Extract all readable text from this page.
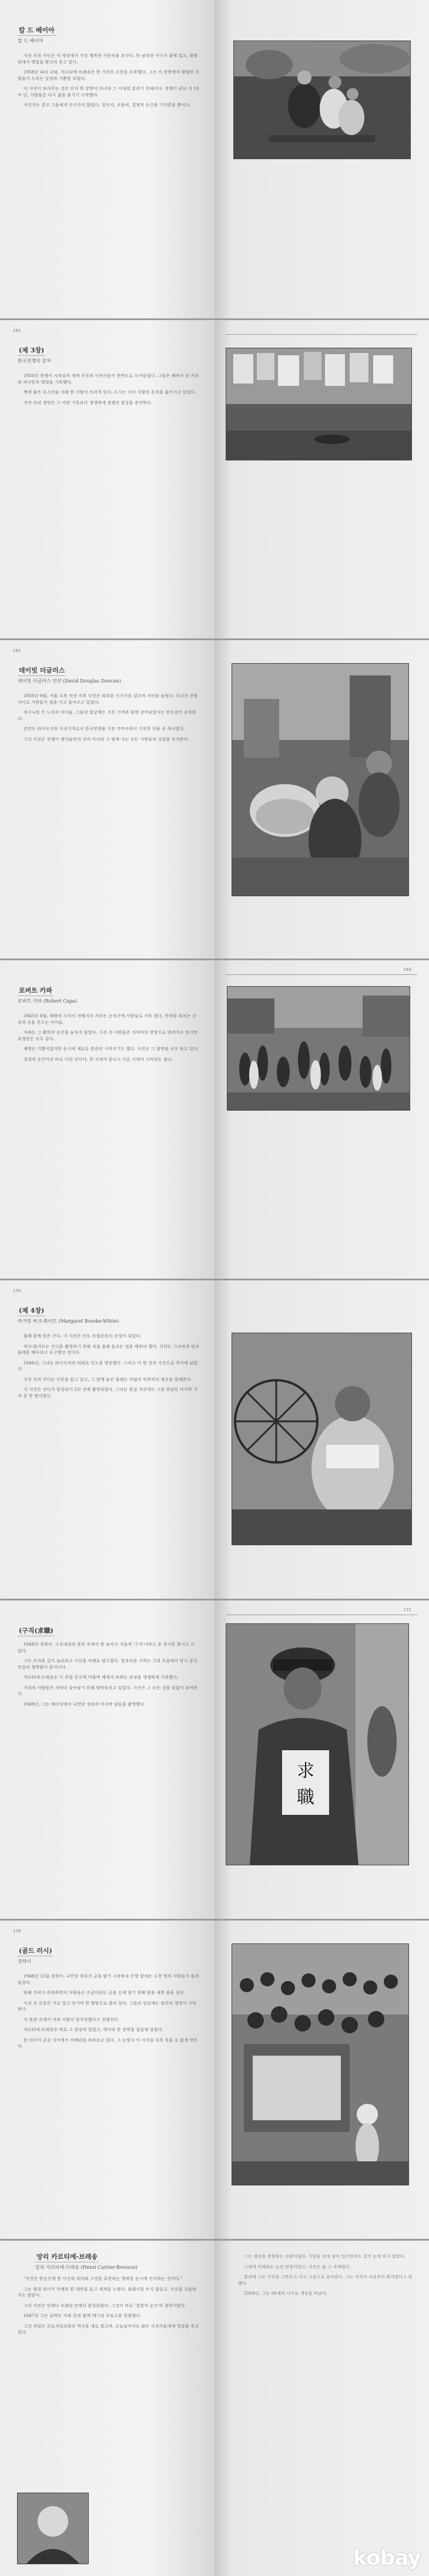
칼 드 베이아
칼 드 베이아

사진 속의 여인은 이 세상에서 가장 행복한 사람처럼 보인다. 한 남자와 아이가 곁에 있고, 풀밭 위에서 햇빛을 받으며 웃고 있다.

1958년 파리 교외. 카르티에-브레송은 한 가족의 소풍을 포착했다. 그는 이 장면에서 평범한 사람들이 누리는 일상의 기쁨을 보았다.

이 사진이 보여주는 것은 단지 한 장면이 아니라 그 시대의 분위기 전체이다. 전쟁이 끝난 지 10여 년, 사람들은 다시 삶을 즐기기 시작했다.

사진가는 결코 그들에게 다가가지 않았다. 멀리서, 조용히, 결정적 순간을 기다렸을 뿐이다.

161
(제 3장)
한국전쟁의 상처

1950년 전쟁이 시작되자 세계 각국의 사진가들이 한반도로 모여들었다. 그들은 폐허가 된 거리와 피난민의 행렬을 기록했다.

벽에 붙은 포스터들 아래 한 사람이 쓰러져 있다. 도시는 이미 사람의 흔적을 잃어가고 있었다.

사진 속의 장면은 그 어떤 기록보다 생생하게 전쟁의 참상을 증언한다.

162
데이빗 더글러스
데이빗 더글러스 던컨 (David Douglas Duncan)

1950년 9월, 서울 수복 작전 직후 던컨은 파괴된 시가지를 걸으며 셔터를 눌렀다. 무너진 건물 사이로 사람들이 짐을 이고 돌아오고 있었다.

바구니를 든 노인과 아이들. 그들의 얼굴에는 지친 기색과 함께 살아남았다는 안도감이 교차한다.

던컨은 라이프지의 사진기자로서 한국전쟁을 가장 가까이에서 기록한 인물 중 하나였다.

그의 사진은 전쟁이 병사들만의 것이 아니라 그 땅에 사는 모든 사람들의 것임을 보여준다.

로버트 카파
로버트 카파 (Robert Capa)

1945년 8월, 해방의 소식이 전해지자 거리는 순식간에 사람들로 가득 찼다. 만세를 외치는 군중과 손을 흔드는 아이들.

카파는 그 환희의 순간을 놓치지 않았다. 사진 속 사람들은 저마다의 방향으로 달려가고 있지만 표정만은 모두 같다.

해방은 기쁨이었지만 동시에 새로운 혼란의 시작이기도 했다. 사진은 그 양면을 모두 담고 있다.

결정적 순간이란 바로 이런 것이다. 한 시대가 끝나고 다른 시대가 시작되는 찰나.

163
170
(제 4장)
마거릿 버크-화이트 (Margaret Bourke-White)

물레 앞에 앉은 간디. 이 사진은 인도 독립운동의 상징이 되었다.

버크-화이트는 간디를 촬영하기 위해 직접 물레 돌리는 법을 배워야 했다. 간디는 그녀에게 먼저 물레를 배우라고 요구했던 것이다.

1946년, 그녀는 라이프지의 의뢰로 인도를 방문했다. 그리고 이 한 장의 사진으로 역사에 남았다.

사진 속의 간디는 신문을 읽고 있고, 그 앞에 놓인 물레는 자립과 비폭력의 정신을 말해준다.

이 사진은 간디가 암살되기 2년 전에 촬영되었다. 그녀는 암살 직전에도 그를 만났던 마지막 기자 중 한 명이었다.

(구직(求職)

1948년 상하이. 국공내전의 혼란 속에서 한 남자가 가슴에 '구직'이라고 쓴 종이를 붙이고 서 있다.

그는 모자를 깊이 눌러쓰고 시선을 아래로 떨구었다. 일자리를 구하는 그의 모습에서 당시 중국 민중의 절박함이 묻어난다.

카르티에-브레송은 이 무렵 중국에 머물며 체제가 바뀌는 과정을 생생하게 기록했다.

거리의 사람들은 저마다 살아남기 위해 발버둥치고 있었다. 사진은 그 모든 것을 말없이 보여준다.

1949년, 그는 베이징에서 국민당 정부의 마지막 날들을 촬영했다.

171
求
職
178
(골드 러시)
상하이

1948년 12월 상하이. 국민당 정부가 금을 팔기 시작하자 은행 앞에는 수천 명의 사람들이 몰려들었다.

화폐 가치가 폭락하면서 사람들은 조금이라도 금을 손에 넣기 위해 밤을 새워 줄을 섰다.

사진 속 군중은 서로 밀고 당기며 한 방향으로 쏠려 있다. 그들의 얼굴에는 불안과 절망이 가득하다.

이 혼란 속에서 여러 사람이 압사당했다고 전해진다.

카르티에-브레송은 바로 그 현장에 있었고, 역사의 한 장면을 필름에 담았다.

한 아이가 군중 사이에서 카메라를 바라보고 있다. 그 눈빛이 이 사진을 더욱 잊을 수 없게 만든다.

앙리 카르티에-브레송
앙리 카르티에-브레송 (Henri Cartier-Bresson)

"사진은 한순간에 한 사건의 의미와 그것을 표현하는 형태를 동시에 인식하는 것이다."

그는 평생 라이카 카메라 한 대만을 들고 세계를 누볐다. 플래시를 쓰지 않았고, 사진을 크롭하지도 않았다.

그의 사진은 언제나 프레임 안에서 완성되었다. 그것이 바로 '결정적 순간'의 철학이었다.

1947년 그는 로버트 카파 등과 함께 매그넘 포토스를 창립했다.

그의 작업은 포토저널리즘의 역사를 새로 썼으며, 오늘날까지도 많은 사진가들에게 영감을 주고 있다.

그는 세상을 관찰하는 사람이었다. 사람들 속에 섞여 있으면서도 결코 눈에 띄지 않았다.

그에게 카메라는 눈의 연장이었고, 사진은 삶 그 자체였다.

말년에 그는 사진을 그만두고 다시 그림으로 돌아갔다. 그는 자신이 처음부터 화가였다고 말했다.

2004년, 그는 96세의 나이로 세상을 떠났다.

kobay
